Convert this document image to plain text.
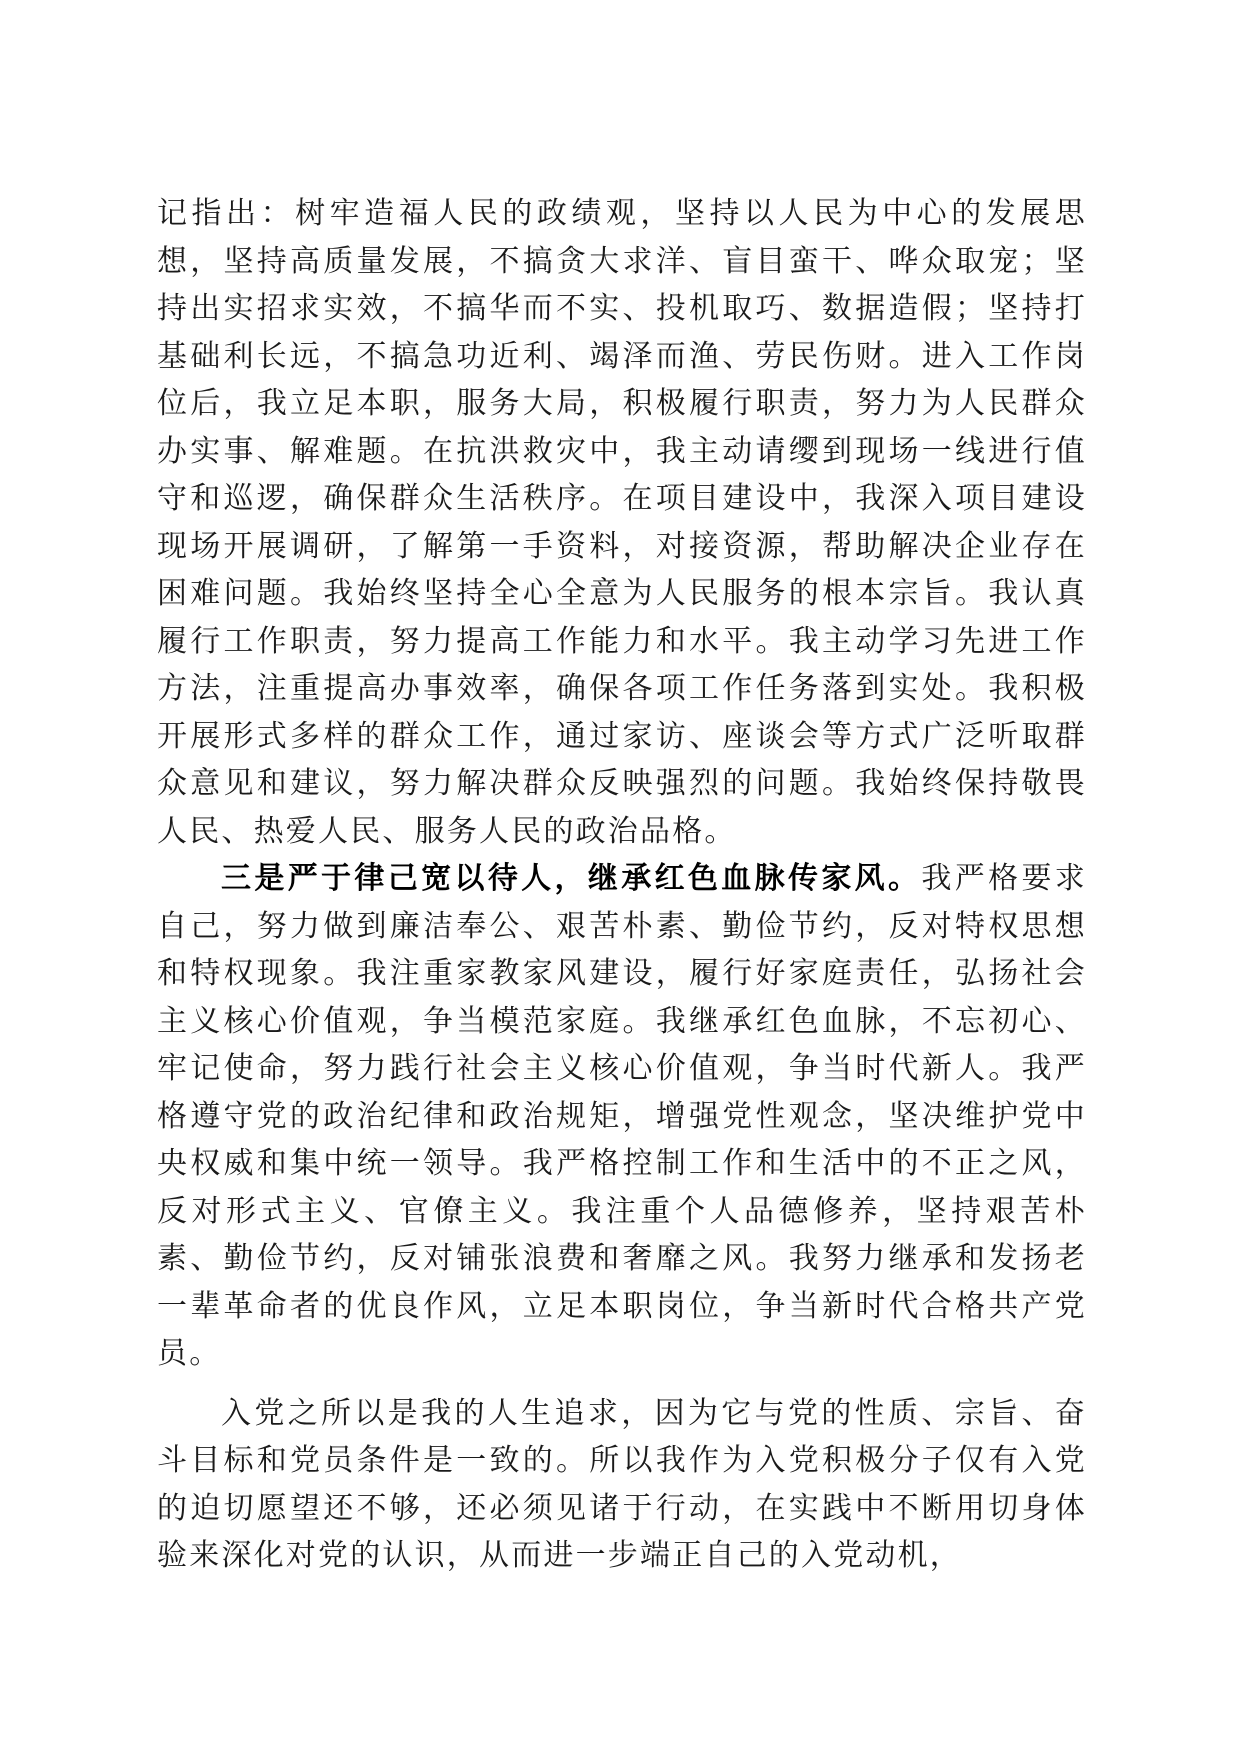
记指出：树牢造福人民的政绩观，坚持以人民为中心的发展思想，坚持高质量发展，不搞贪大求洋、盲目蛮干、哗众取宠；坚持出实招求实效，不搞华而不实、投机取巧、数据造假；坚持打基础利长远，不搞急功近利、竭泽而渔、劳民伤财。进入工作岗位后，我立足本职，服务大局，积极履行职责，努力为人民群众办实事、解难题。在抗洪救灾中，我主动请缨到现场一线进行值守和巡逻，确保群众生活秩序。在项目建设中，我深入项目建设现场开展调研，了解第一手资料，对接资源，帮助解决企业存在困难问题。我始终坚持全心全意为人民服务的根本宗旨。我认真履行工作职责，努力提高工作能力和水平。我主动学习先进工作方法，注重提高办事效率，确保各项工作任务落到实处。我积极开展形式多样的群众工作，通过家访、座谈会等方式广泛听取群众意见和建议，努力解决群众反映强烈的问题。我始终保持敬畏人民、热爱人民、服务人民的政治品格。

三是严于律己宽以待人，继承红色血脉传家风。我严格要求自己，努力做到廉洁奉公、艰苦朴素、勤俭节约，反对特权思想和特权现象。我注重家教家风建设，履行好家庭责任，弘扬社会主义核心价值观，争当模范家庭。我继承红色血脉，不忘初心、牢记使命，努力践行社会主义核心价值观，争当时代新人。我严格遵守党的政治纪律和政治规矩，增强党性观念，坚决维护党中央权威和集中统一领导。我严格控制工作和生活中的不正之风，反对形式主义、官僚主义。我注重个人品德修养，坚持艰苦朴素、勤俭节约，反对铺张浪费和奢靡之风。我努力继承和发扬老一辈革命者的优良作风，立足本职岗位，争当新时代合格共产党员。

入党之所以是我的人生追求，因为它与党的性质、宗旨、奋斗目标和党员条件是一致的。所以我作为入党积极分子仅有入党的迫切愿望还不够，还必须见诸于行动，在实践中不断用切身体验来深化对党的认识，从而进一步端正自己的入党动机，
